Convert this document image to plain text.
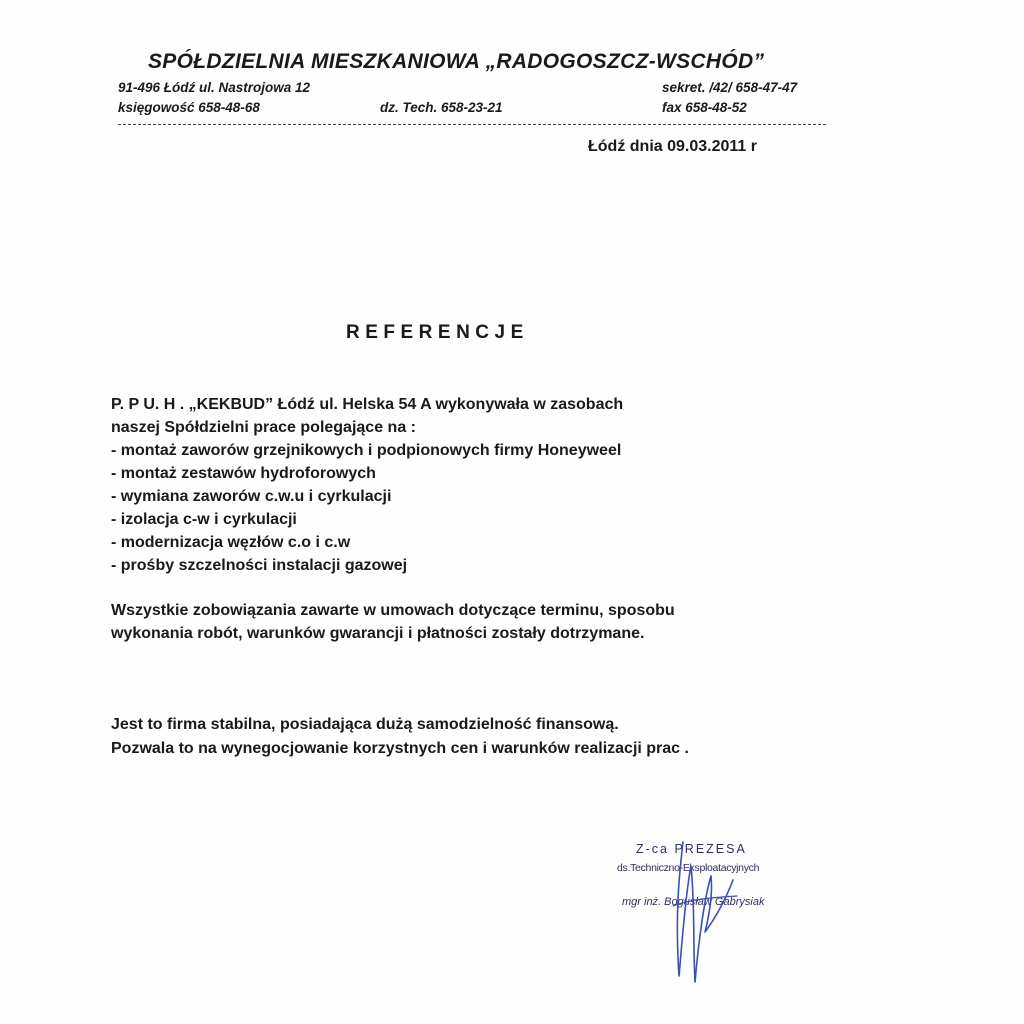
SPÓŁDZIELNIA MIESZKANIOWA „RADOGOSZCZ-WSCHÓD”
91-496 Łódź ul. Nastrojowa 12	sekret. /42/ 658-47-47
księgowość 658-48-68	dz. Tech. 658-23-21	fax 658-48-52
Łódź dnia 09.03.2011 r
REFERENCJE
P. P U. H . „KEKBUD” Łódź ul. Helska 54 A wykonywała w zasobach
naszej Spółdzielni prace polegające na :
- montaż zaworów grzejnikowych i podpionowych firmy Honeyweel
- montaż zestawów hydroforowych
- wymiana zaworów c.w.u i cyrkulacji
- izolacja c-w i cyrkulacji
- modernizacja węzłów c.o i c.w
- prośby szczelności instalacji gazowej
Wszystkie zobowiązania zawarte w umowach dotyczące terminu, sposobu
wykonania robót, warunków gwarancji i płatności zostały dotrzymane.
Jest to firma stabilna, posiadająca dużą samodzielność finansową.
Pozwala to na wynegocjowanie korzystnych cen i warunków realizacji prac .
Z-ca PREZESA
ds.Techniczno-Eksploatacyjnych
mgr inż. Bogusław Gabrysiak
